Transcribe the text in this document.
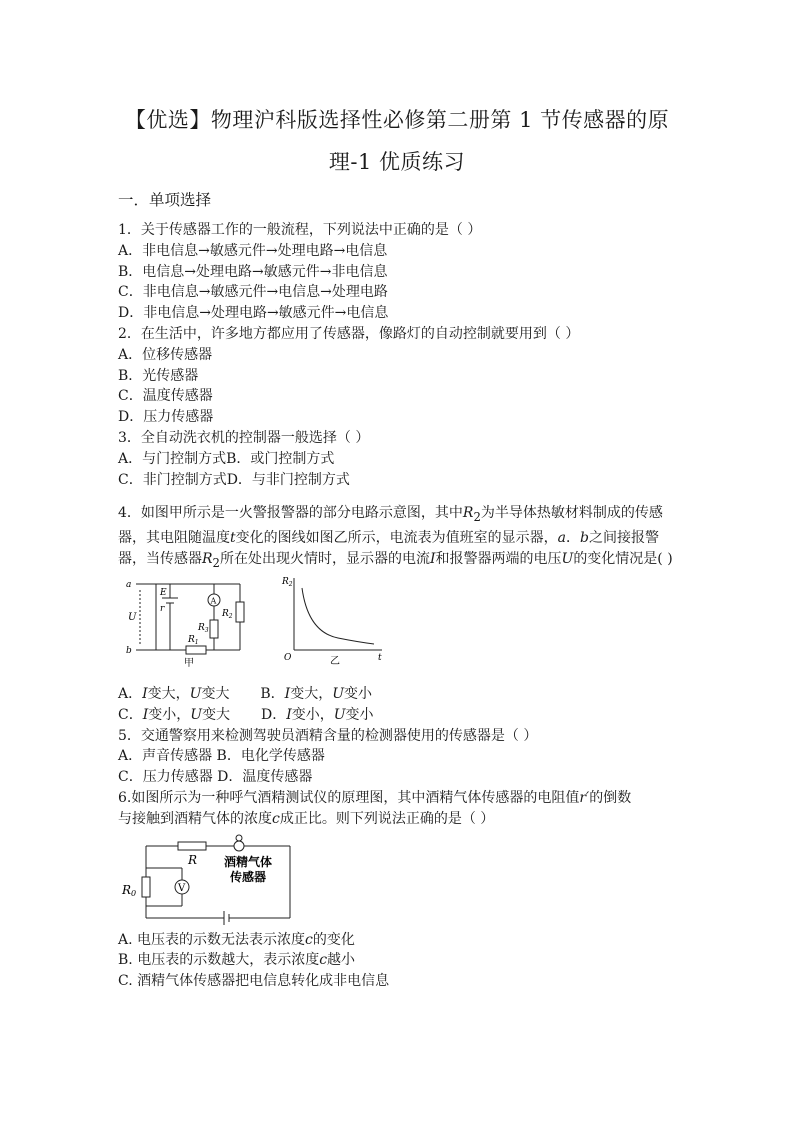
【优选】物理沪科版选择性必修第二册第 1 节传感器的原
理-1 优质练习
一．单项选择
1．关于传感器工作的一般流程，下列说法中正确的是（ ）
A．非电信息→敏感元件→处理电路→电信息
B．电信息→处理电路→敏感元件→非电信息
C．非电信息→敏感元件→电信息→处理电路
D．非电信息→处理电路→敏感元件→电信息
2．在生活中，许多地方都应用了传感器，像路灯的自动控制就要用到（ ）
A．位移传感器
B．光传感器
C．温度传感器
D．压力传感器
3．全自动洗衣机的控制器一般选择（ ）
A．与门控制方式B．或门控制方式
C．非门控制方式D．与非门控制方式
4．如图甲所示是一火警报警器的部分电路示意图，其中$R_2$为半导体热敏材料制成的传感器，其电阻随温度t变化的图线如图乙所示，电流表为值班室的显示器，a．b之间接报警器，当传感器$R_2$所在处出现火情时，显示器的电流I和报警器两端的电压U的变化情况是( )
a
b
U
E
r
A
$R_2$
$R_3$
$R_1$
甲
$R_2$
O	t
乙
A．I变大，U变大 B．I变大，U变小
C．I变小，U变大 D．I变小，U变小
5．交通警察用来检测驾驶员酒精含量的检测器使用的传感器是（ ）
A．声音传感器 B．电化学传感器
C．压力传感器 D．温度传感器
6.如图所示为一种呼气酒精测试仪的原理图，其中酒精气体传感器的电阻值r′的倒数
与接触到酒精气体的浓度c成正比。则下列说法正确的是（ ）
R 酒精气体
传感器
R0	V
A. 电压表的示数无法表示浓度c的变化
B. 电压表的示数越大，表示浓度c越小
C. 酒精气体传感器把电信息转化成非电信息
